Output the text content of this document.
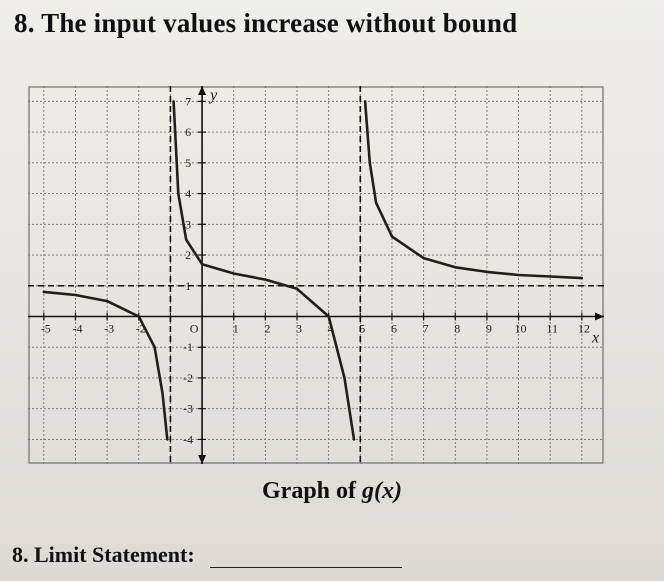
8. The input values increase without bound
-5 -4 -3 -2	O	1 2 3 4 5 6 7 8 9 10 11 12
7
6
5
4
3
2
1
-1
-2
-3
-4
x
y
Graph of g(x)
8. Limit Statement:
